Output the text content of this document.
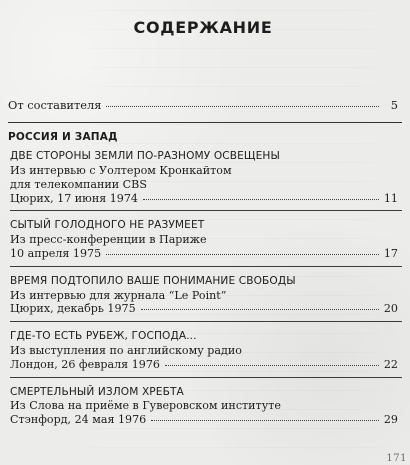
СОДЕРЖАНИЕ
От составителя	5
РОССИЯ И ЗАПАД
ДВЕ СТОРОНЫ ЗЕМЛИ ПО-РАЗНОМУ ОСВЕЩЕНЫ
Из интервью с Уолтером Кронкайтом
для телекомпании CBS
Цюрих, 17 июня 1974	11
СЫТЫЙ ГОЛОДНОГО НЕ РАЗУМЕЕТ
Из пресс-конференции в Париже
10 апреля 1975	17
ВРЕМЯ ПОДТОПИЛО ВАШЕ ПОНИМАНИЕ СВОБОДЫ
Из интервью для журнала “Le Point”
Цюрих, декабрь 1975	20
ГДЕ-ТО ЕСТЬ РУБЕЖ, ГОСПОДА...
Из выступления по английскому радио
Лондон, 26 февраля 1976	22
СМЕРТЕЛЬНЫЙ ИЗЛОМ ХРЕБТА
Из Слова на приёме в Гуверовском институте
Стэнфорд, 24 мая 1976	29
171
